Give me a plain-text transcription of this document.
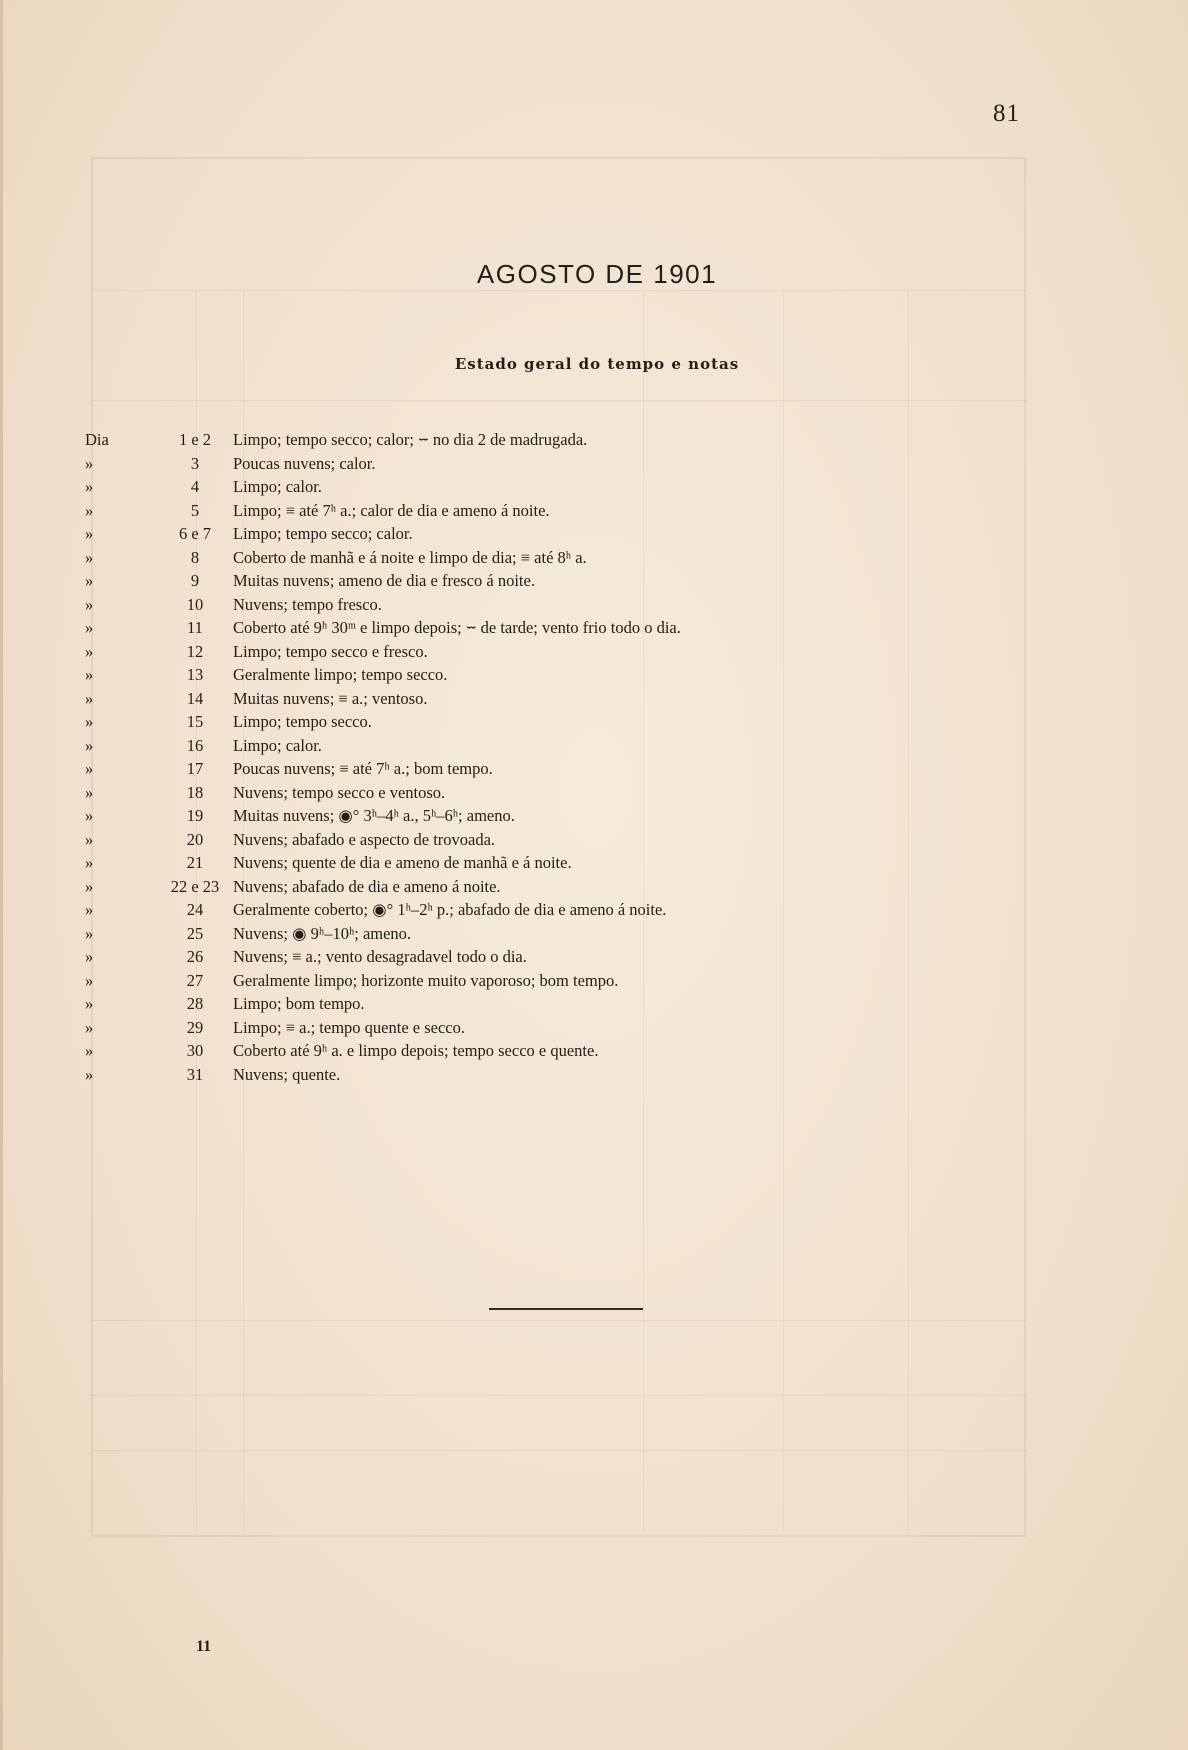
81
AGOSTO DE 1901
Estado geral do tempo e notas
Dia	1 e 2	Limpo; tempo secco; calor; ⏖ no dia 2 de madrugada.
»	3	Poucas nuvens; calor.
»	4	Limpo; calor.
»	5	Limpo; ≡ até 7ʰ a.; calor de dia e ameno á noite.
»	6 e 7	Limpo; tempo secco; calor.
»	8	Coberto de manhã e á noite e limpo de dia; ≡ até 8ʰ a.
»	9	Muitas nuvens; ameno de dia e fresco á noite.
»	10	Nuvens; tempo fresco.
»	11	Coberto até 9ʰ 30ᵐ e limpo depois; ⏖ de tarde; vento frio todo o dia.
»	12	Limpo; tempo secco e fresco.
»	13	Geralmente limpo; tempo secco.
»	14	Muitas nuvens; ≡ a.; ventoso.
»	15	Limpo; tempo secco.
»	16	Limpo; calor.
»	17	Poucas nuvens; ≡ até 7ʰ a.; bom tempo.
»	18	Nuvens; tempo secco e ventoso.
»	19	Muitas nuvens; ◉° 3ʰ–4ʰ a., 5ʰ–6ʰ; ameno.
»	20	Nuvens; abafado e aspecto de trovoada.
»	21	Nuvens; quente de dia e ameno de manhã e á noite.
»	22 e 23 Nuvens; abafado de dia e ameno á noite.
»	24	Geralmente coberto; ◉° 1ʰ–2ʰ p.; abafado de dia e ameno á noite.
»	25	Nuvens; ◉ 9ʰ–10ʰ; ameno.
»	26	Nuvens; ≡ a.; vento desagradavel todo o dia.
»	27	Geralmente limpo; horizonte muito vaporoso; bom tempo.
»	28	Limpo; bom tempo.
»	29	Limpo; ≡ a.; tempo quente e secco.
»	30	Coberto até 9ʰ a. e limpo depois; tempo secco e quente.
»	31	Nuvens; quente.
11
